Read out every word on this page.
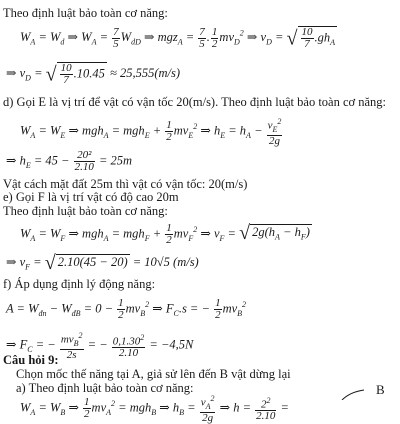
Theo định luật bảo toàn cơ năng:
$W_A = W_d$ ⇒ $W_A = \frac{7}{5} W_{dD}$ ⇒ $mgz_A = \frac{7}{5}$ . $\frac{1}{2} mv_D^2$ ⇒ $v_D$ = √ $\frac{10}{7} .gh_A$
⇒ $v_D$ = √ $\frac{10}{7} .10.45 \approx 25,555(m/s)$
d) Gọi E là vị trí để vật có vận tốc 20(m/s). Theo định luật bảo toàn cơ năng:
$W_A = W_E$ ⇒ $mgh_A = mgh_E + \frac{1}{2} mv_E^2$ ⇒ $h_E = h_A - \frac{v_E^2}{2g}$
⇒ $h_E = 45 - \frac{\text{20²}}{2.10} = 25m$
Vật cách mặt đất 25m thì vật có vận tốc: 20(m/s)
e) Gọi F là vị trí vật có độ cao 20m
Theo định luật bảo toàn cơ năng:
$W_A = W_F$ ⇒ $mgh_A = mgh_F + \frac{1}{2} mv_F^2$ ⇒ $v_F$ = √ $2g(h_A - h_F)$
⇒ $v_F$ = √ 2.10(45 − 20) = 10√5 (m/s)
f) Áp dụng định lý động năng:
$A = W_{đn} - W_{đB} = 0 - \frac{1}{2} mv_B^2$ ⇒ $F_C.s$ = − $\frac{1}{2} mv_B^2$
⇒ $F_C$ = − $\frac{mv_B^2}{2s}$ = − $\frac{0,1.30^2}{2.10} = -4,5N$
Câu hỏi 9:
Chọn mốc thế năng tại A, giả sử lên đến B vật dừng lại
a) Theo định luật bảo toàn cơ năng:
$W_A = W_B$ ⇒ $\frac{1}{2} mv_A^2 = mgh_B$ ⇒ $h_B = \frac{v_A^2}{2g}$ ⇒ $h = \frac{2^2}{2.10}$ =
B
